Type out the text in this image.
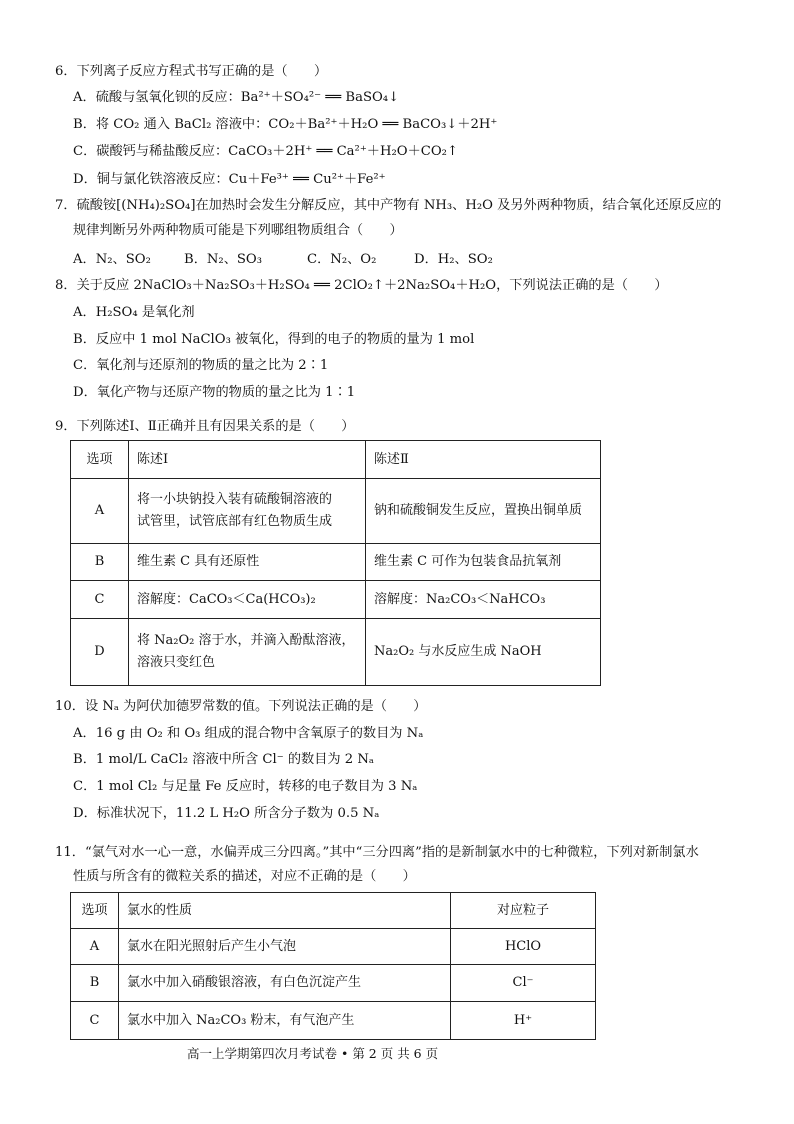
6．下列离子反应方程式书写正确的是（　　）
A．硫酸与氢氧化钡的反应：Ba²⁺＋SO₄²⁻ ══ BaSO₄↓
B．将 CO₂ 通入 BaCl₂ 溶液中：CO₂＋Ba²⁺＋H₂O ══ BaCO₃↓＋2H⁺
C．碳酸钙与稀盐酸反应：CaCO₃＋2H⁺ ══ Ca²⁺＋H₂O＋CO₂↑
D．铜与氯化铁溶液反应：Cu＋Fe³⁺ ══ Cu²⁺＋Fe²⁺
7．硫酸铵[(NH₄)₂SO₄]在加热时会发生分解反应，其中产物有 NH₃、H₂O 及另外两种物质，结合氧化还原反应的
规律判断另外两种物质可能是下列哪组物质组合（　　）
A．N₂、SO₂	B．N₂、SO₃	C．N₂、O₂	D．H₂、SO₂
8．关于反应 2NaClO₃＋Na₂SO₃＋H₂SO₄ ══ 2ClO₂↑＋2Na₂SO₄＋H₂O，下列说法正确的是（　　）
A．H₂SO₄ 是氧化剂
B．反应中 1 mol NaClO₃ 被氧化，得到的电子的物质的量为 1 mol
C．氧化剂与还原剂的物质的量之比为 2∶1
D．氧化产物与还原产物的物质的量之比为 1∶1
9．下列陈述Ⅰ、Ⅱ正确并且有因果关系的是（　　）
选项	陈述Ⅰ	陈述Ⅱ
A	将一小块钠投入装有硫酸铜溶液的
试管里，试管底部有红色物质生成	钠和硫酸铜发生反应，置换出铜单质
B	维生素 C 具有还原性	维生素 C 可作为包装食品抗氧剂
C	溶解度：CaCO₃＜Ca(HCO₃)₂	溶解度：Na₂CO₃＜NaHCO₃
D	将 Na₂O₂ 溶于水，并滴入酚酞溶液，
溶液只变红色	Na₂O₂ 与水反应生成 NaOH
10．设 Nₐ 为阿伏加德罗常数的值。下列说法正确的是（　　）
A．16 g 由 O₂ 和 O₃ 组成的混合物中含氧原子的数目为 Nₐ
B．1 mol/L CaCl₂ 溶液中所含 Cl⁻ 的数目为 2 Nₐ
C．1 mol Cl₂ 与足量 Fe 反应时，转移的电子数目为 3 Nₐ
D．标准状况下，11.2 L H₂O 所含分子数为 0.5 Nₐ
11．“氯气对水一心一意，水偏弄成三分四离。”其中“三分四离”指的是新制氯水中的七种微粒，下列对新制氯水
性质与所含有的微粒关系的描述，对应不正确的是（　　）
选项	氯水的性质	对应粒子
A	氯水在阳光照射后产生小气泡	HClO
B	氯水中加入硝酸银溶液，有白色沉淀产生	Cl⁻
C	氯水中加入 Na₂CO₃ 粉末，有气泡产生	H⁺
高一上学期第四次月考试卷 • 第 2 页 共 6 页
